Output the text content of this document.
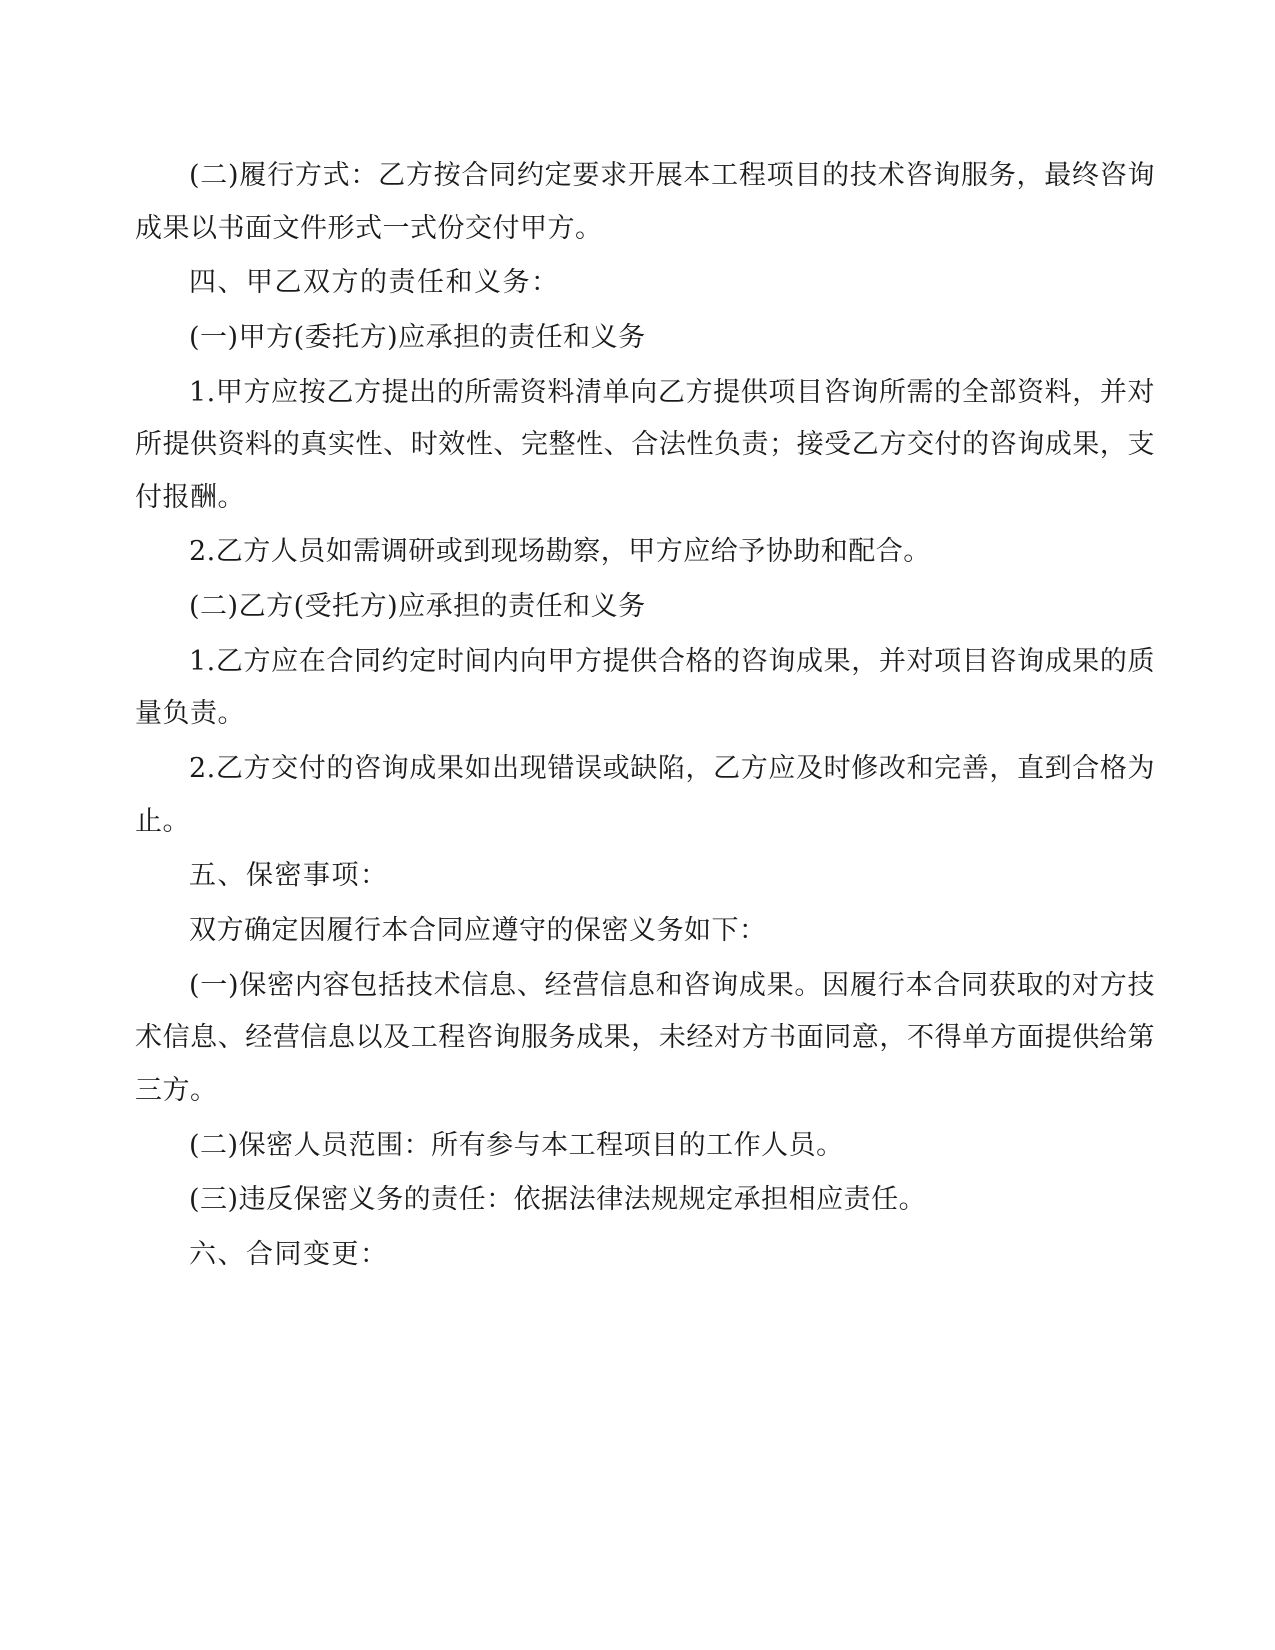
(二)履行方式：乙方按合同约定要求开展本工程项目的技术咨询服务，最终咨询成果以书面文件形式一式份交付甲方。

四、甲乙双方的责任和义务：

(一)甲方(委托方)应承担的责任和义务

1.甲方应按乙方提出的所需资料清单向乙方提供项目咨询所需的全部资料，并对所提供资料的真实性、时效性、完整性、合法性负责；接受乙方交付的咨询成果，支付报酬。

2.乙方人员如需调研或到现场勘察，甲方应给予协助和配合。

(二)乙方(受托方)应承担的责任和义务

1.乙方应在合同约定时间内向甲方提供合格的咨询成果，并对项目咨询成果的质量负责。

2.乙方交付的咨询成果如出现错误或缺陷，乙方应及时修改和完善，直到合格为止。

五、保密事项：

双方确定因履行本合同应遵守的保密义务如下：

(一)保密内容包括技术信息、经营信息和咨询成果。因履行本合同获取的对方技术信息、经营信息以及工程咨询服务成果，未经对方书面同意，不得单方面提供给第三方。

(二)保密人员范围：所有参与本工程项目的工作人员。

(三)违反保密义务的责任：依据法律法规规定承担相应责任。

六、合同变更：
